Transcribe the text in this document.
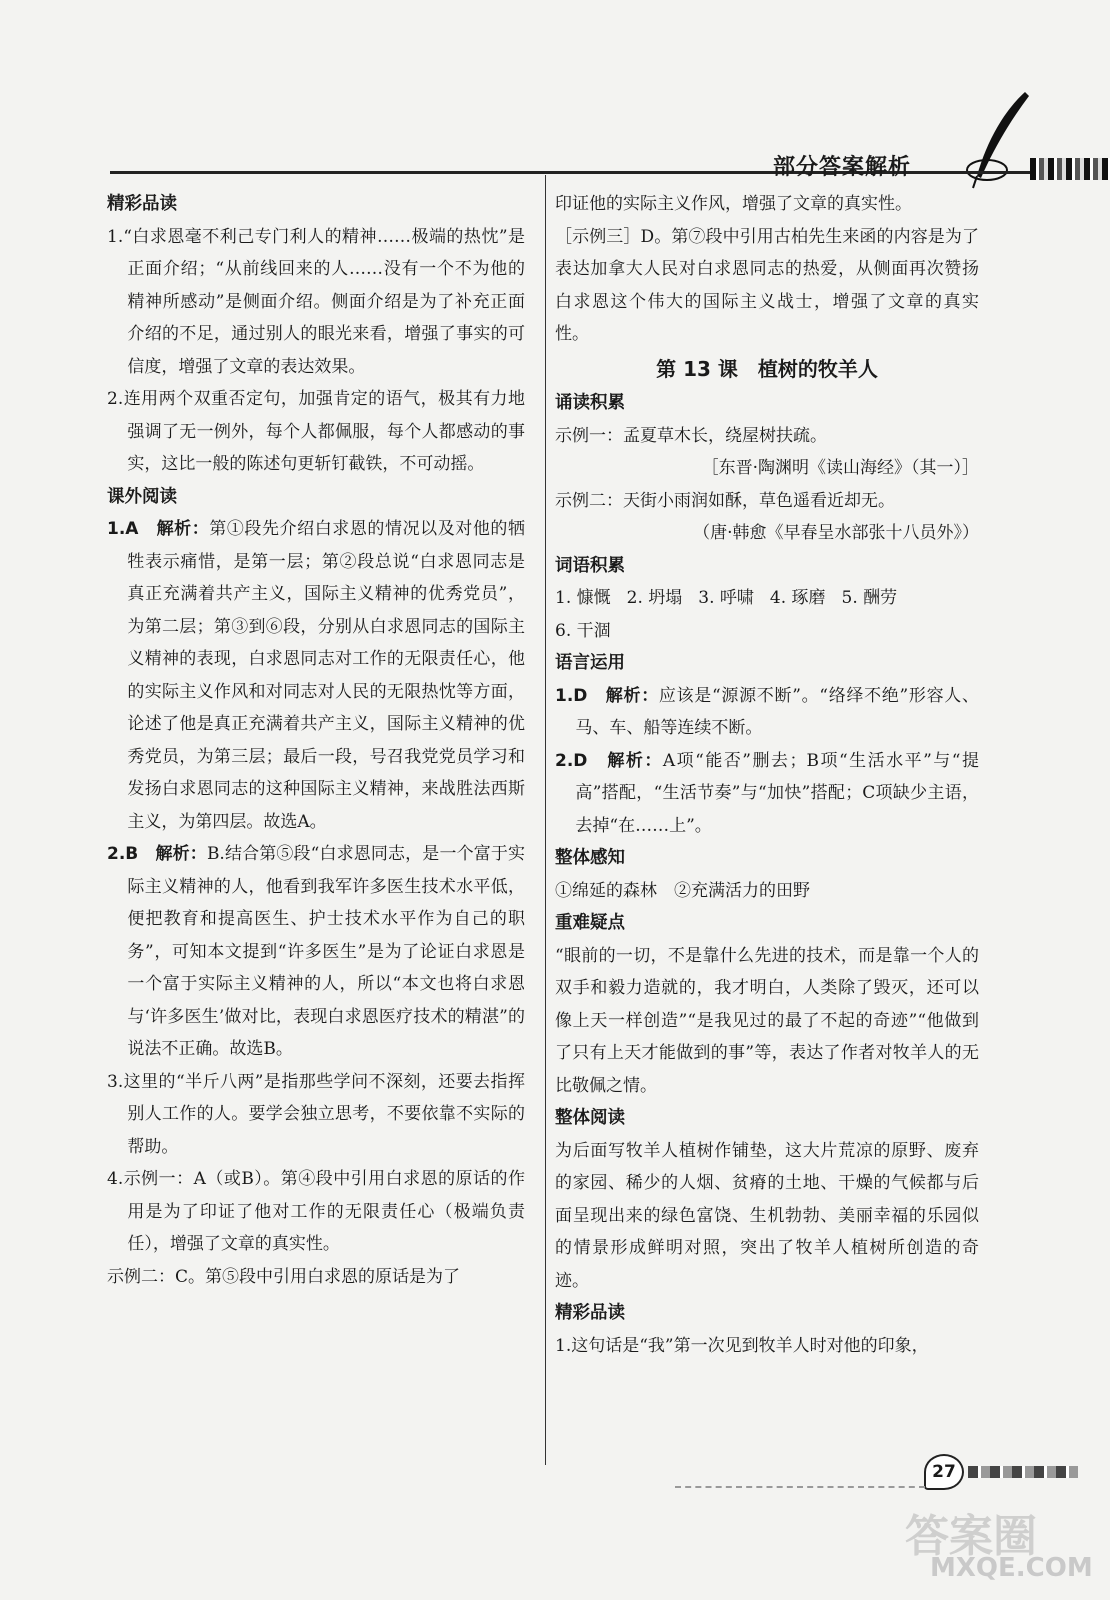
部分答案解析
精彩品读

1.“白求恩毫不利己专门利人的精神……极端的热忱”是正面介绍；“从前线回来的人……没有一个不为他的精神所感动”是侧面介绍。侧面介绍是为了补充正面介绍的不足，通过别人的眼光来看，增强了事实的可信度，增强了文章的表达效果。

2.连用两个双重否定句，加强肯定的语气，极其有力地强调了无一例外，每个人都佩服，每个人都感动的事实，这比一般的陈述句更斩钉截铁，不可动摇。

课外阅读

1.A　解析：第①段先介绍白求恩的情况以及对他的牺牲表示痛惜，是第一层；第②段总说“白求恩同志是真正充满着共产主义，国际主义精神的优秀党员”，为第二层；第③到⑥段，分别从白求恩同志的国际主义精神的表现，白求恩同志对工作的无限责任心，他的实际主义作风和对同志对人民的无限热忱等方面，论述了他是真正充满着共产主义，国际主义精神的优秀党员，为第三层；最后一段，号召我党党员学习和发扬白求恩同志的这种国际主义精神，来战胜法西斯主义，为第四层。故选A。

2.B　解析：B.结合第⑤段“白求恩同志，是一个富于实际主义精神的人，他看到我军许多医生技术水平低，便把教育和提高医生、护士技术水平作为自己的职务”，可知本文提到“许多医生”是为了论证白求恩是一个富于实际主义精神的人，所以“本文也将白求恩与‘许多医生’做对比，表现白求恩医疗技术的精湛”的说法不正确。故选B。

3.这里的“半斤八两”是指那些学问不深刻，还要去指挥别人工作的人。要学会独立思考，不要依靠不实际的帮助。

4.示例一：A（或B）。第④段中引用白求恩的原话的作用是为了印证了他对工作的无限责任心（极端负责任），增强了文章的真实性。

示例二：C。第⑤段中引用白求恩的原话是为了

印证他的实际主义作风，增强了文章的真实性。

［示例三］D。第⑦段中引用古柏先生来函的内容是为了表达加拿大人民对白求恩同志的热爱，从侧面再次赞扬白求恩这个伟大的国际主义战士，增强了文章的真实性。

第 13 课　植树的牧羊人
诵读积累

示例一：孟夏草木长，绕屋树扶疏。

［东晋·陶渊明《读山海经》（其一）］

示例二：天街小雨润如酥，草色遥看近却无。

（唐·韩愈《早春呈水部张十八员外》）

词语积累

1. 慷慨 2. 坍塌 3. 呼啸 4. 琢磨 5. 酬劳

6. 干涸

语言运用

1.D　解析：应该是“源源不断”。“络绎不绝”形容人、马、车、船等连续不断。

2.D　解析：A项“能否”删去；B项“生活水平”与“提高”搭配，“生活节奏”与“加快”搭配；C项缺少主语，去掉“在……上”。

整体感知

①绵延的森林　②充满活力的田野

重难疑点

“眼前的一切，不是靠什么先进的技术，而是靠一个人的双手和毅力造就的，我才明白，人类除了毁灭，还可以像上天一样创造”“是我见过的最了不起的奇迹”“他做到了只有上天才能做到的事”等，表达了作者对牧羊人的无比敬佩之情。

整体阅读

为后面写牧羊人植树作铺垫，这大片荒凉的原野、废弃的家园、稀少的人烟、贫瘠的土地、干燥的气候都与后面呈现出来的绿色富饶、生机勃勃、美丽幸福的乐园似的情景形成鲜明对照，突出了牧羊人植树所创造的奇迹。

精彩品读

1.这句话是“我”第一次见到牧羊人时对他的印象，

27
答案圈
MXQE.COM
